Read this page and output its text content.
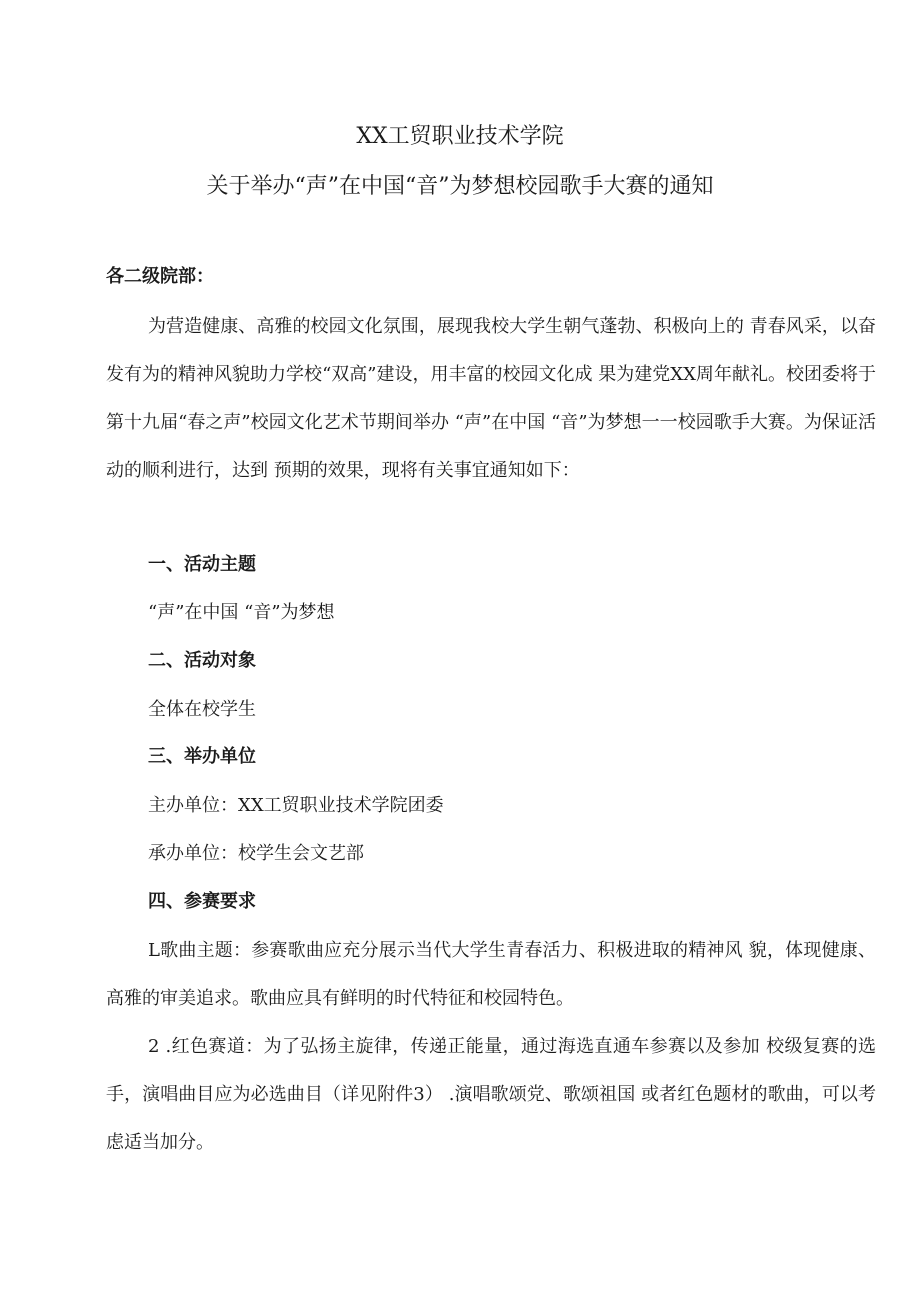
XX工贸职业技术学院
关于举办“声”在中国“音”为梦想校园歌手大赛的通知
各二级院部：
为营造健康、高雅的校园文化氛围，展现我校大学生朝气蓬勃、积极向上的 青春风采，以奋发有为的精神风貌助力学校“双高”建设，用丰富的校园文化成 果为建党XX周年献礼。校团委将于第十九届“春之声”校园文化艺术节期间举办 “声”在中国 “音”为梦想一一校园歌手大赛。为保证活动的顺利进行，达到 预期的效果，现将有关事宜通知如下：
一、活动主题
“声”在中国 “音”为梦想
二、活动对象
全体在校学生
三、举办单位
主办单位：XX工贸职业技术学院团委
承办单位：校学生会文艺部
四、参赛要求
L歌曲主题：参赛歌曲应充分展示当代大学生青春活力、积极进取的精神风 貌，体现健康、高雅的审美追求。歌曲应具有鲜明的时代特征和校园特色。
2 .红色赛道：为了弘扬主旋律，传递正能量，通过海选直通车参赛以及参加 校级复赛的选手，演唱曲目应为必选曲目（详见附件3） .演唱歌颂党、歌颂祖国 或者红色题材的歌曲，可以考虑适当加分。
